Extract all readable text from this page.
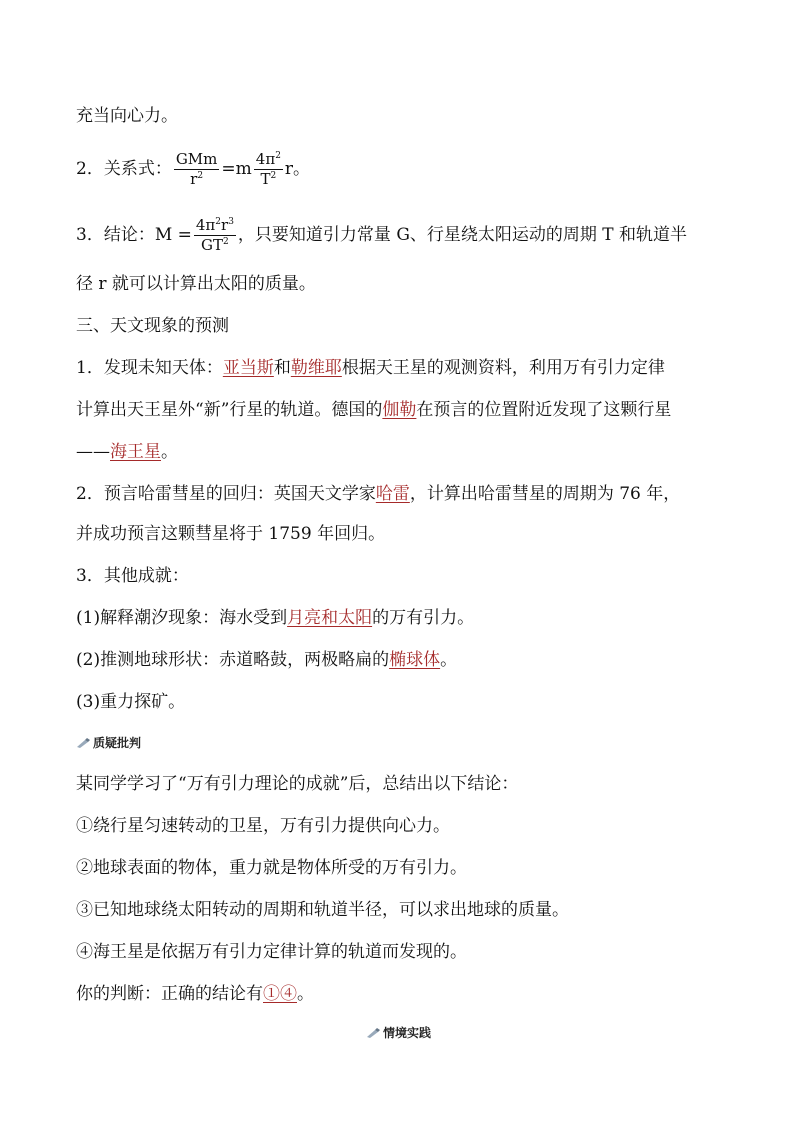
充当向心力。
2．关系式： $\frac{\text{GMm}}{r^2} =m \frac{4\pi^2}{T^2}$ r。
3．结论：$M = \frac{4\pi^2r^3}{GT^2}$ ，只要知道引力常量 G、行星绕太阳运动的周期 T 和轨道半
径 r 就可以计算出太阳的质量。
三、天文现象的预测
1．发现未知天体：亚当斯和勒维耶根据天王星的观测资料，利用万有引力定律
计算出天王星外“新”行星的轨道。德国的伽勒在预言的位置附近发现了这颗行星
——海王星。
2．预言哈雷彗星的回归：英国天文学家哈雷，计算出哈雷彗星的周期为 76 年，
并成功预言这颗彗星将于 1759 年回归。
3．其他成就：
(1)解释潮汐现象：海水受到月亮和太阳的万有引力。
(2)推测地球形状：赤道略鼓，两极略扁的椭球体。
(3)重力探矿。
质疑批判
某同学学习了“万有引力理论的成就”后，总结出以下结论：
①绕行星匀速转动的卫星，万有引力提供向心力。
②地球表面的物体，重力就是物体所受的万有引力。
③已知地球绕太阳转动的周期和轨道半径，可以求出地球的质量。
④海王星是依据万有引力定律计算的轨道而发现的。
你的判断：正确的结论有①④。
情境实践
